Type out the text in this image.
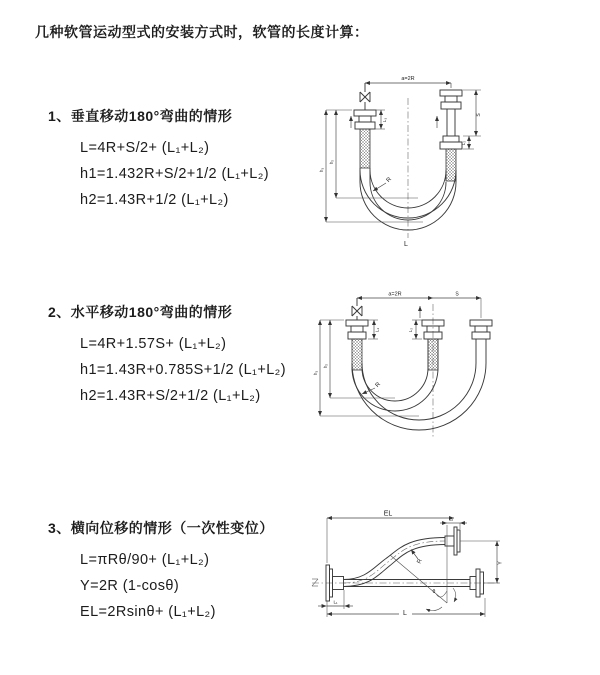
几种软管运动型式的安装方式时，软管的长度计算：
1、垂直移动180°弯曲的情形
L=4R+S/2+ (L₁+L₂)
h1=1.432R+S/2+1/2 (L₁+L₂)
h2=1.43R+1/2 (L₁+L₂)
2、水平移动180°弯曲的情形
L=4R+1.57S+ (L₁+L₂)
h1=1.43R+0.785S+1/2 (L₁+L₂)
h2=1.43R+S/2+1/2 (L₁+L₂)
3、横向位移的情形（一次性变位）
L=πRθ/90+ (L₁+L₂)
Y=2R (1-cosθ)
EL=2Rsinθ+ (L₁+L₂)
a=2R
L₁
S
L₂
h₁
h₂
R
L
a=2R	S
L₁	L₂
h₁
h₂
R
θ
R
EL
L₂
Y
L₁
L
